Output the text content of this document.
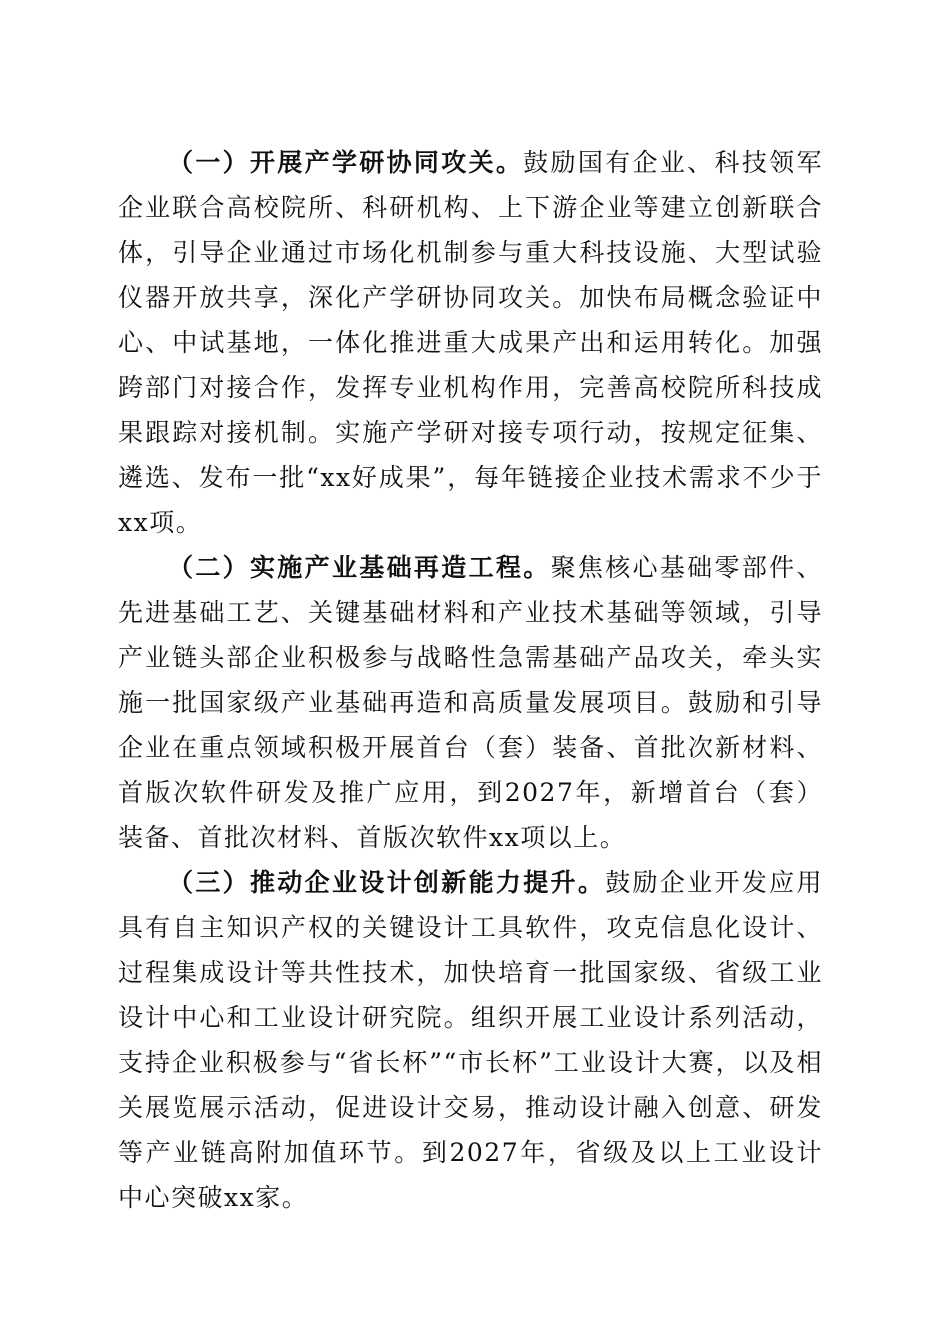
（一）开展产学研协同攻关。鼓励国有企业、科技领军企业联合高校院所、科研机构、上下游企业等建立创新联合体，引导企业通过市场化机制参与重大科技设施、大型试验仪器开放共享，深化产学研协同攻关。加快布局概念验证中心、中试基地，一体化推进重大成果产出和运用转化。加强跨部门对接合作，发挥专业机构作用，完善高校院所科技成果跟踪对接机制。实施产学研对接专项行动，按规定征集、遴选、发布一批“xx好成果”，每年链接企业技术需求不少于xx项。

（二）实施产业基础再造工程。聚焦核心基础零部件、先进基础工艺、关键基础材料和产业技术基础等领域，引导产业链头部企业积极参与战略性急需基础产品攻关，牵头实施一批国家级产业基础再造和高质量发展项目。鼓励和引导企业在重点领域积极开展首台（套）装备、首批次新材料、首版次软件研发及推广应用，到2027年，新增首台（套）装备、首批次材料、首版次软件xx项以上。

（三）推动企业设计创新能力提升。鼓励企业开发应用具有自主知识产权的关键设计工具软件，攻克信息化设计、过程集成设计等共性技术，加快培育一批国家级、省级工业设计中心和工业设计研究院。组织开展工业设计系列活动，支持企业积极参与“省长杯”“市长杯”工业设计大赛，以及相关展览展示活动，促进设计交易，推动设计融入创意、研发等产业链高附加值环节。到2027年，省级及以上工业设计中心突破xx家。
